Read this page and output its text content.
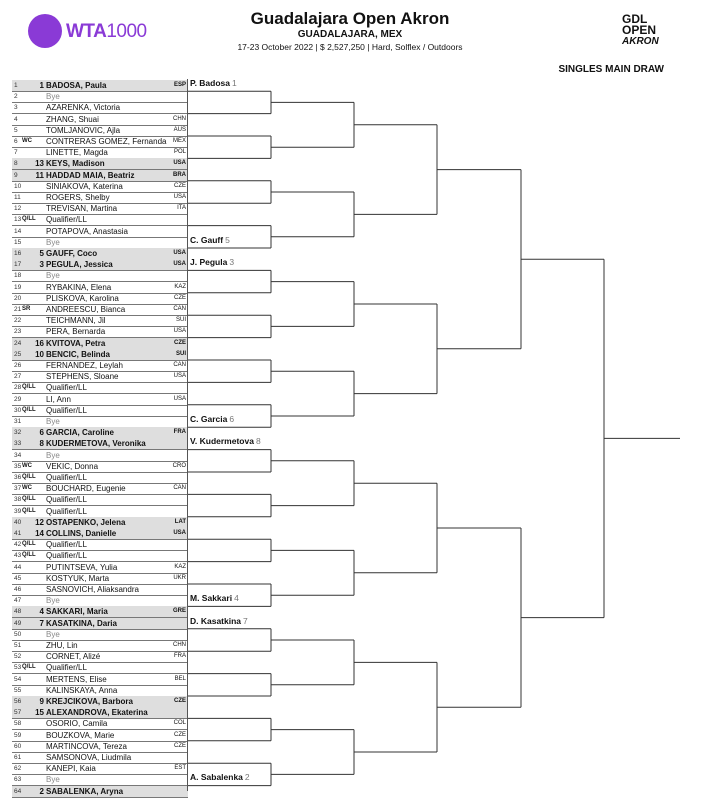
WTA1000
Guadalajara Open Akron
GUADALAJARA, MEX
17-23 October 2022 | $ 2,527,250 | Hard, Solflex / Outdoors
GDL
OPEN
AKRON
SINGLES MAIN DRAW
1	1 BADOSA, Paula	ESP
2	Bye
3	AZARENKA, Victoria
4	ZHANG, Shuai	CHN
5	TOMLJANOVIC, Ajla	AUS
6 WC CONTRERAS GOMEZ, Fernanda MEX
7	LINETTE, Magda	POL
8	13 KEYS, Madison	USA
9	11 HADDAD MAIA, Beatriz	BRA
10	SINIAKOVA, Katerina	CZE
11	ROGERS, Shelby	USA
12	TREVISAN, Martina	ITA
13 Q/LL Qualifier/LL
14	POTAPOVA, Anastasia
15	Bye
16	5 GAUFF, Coco	USA
17	3 PEGULA, Jessica	USA
18	Bye
19	RYBAKINA, Elena	KAZ
20	PLISKOVA, Karolina	CZE
21 SR ANDREESCU, Bianca	CAN
22	TEICHMANN, Jil	SUI
23	PERA, Bernarda	USA
24	16 KVITOVA, Petra	CZE
25	10 BENCIC, Belinda	SUI
26	FERNANDEZ, Leylah	CAN
27	STEPHENS, Sloane	USA
28 Q/LL Qualifier/LL
29	LI, Ann	USA
30 Q/LL Qualifier/LL
31	Bye
32	6 GARCIA, Caroline	FRA
33	8 KUDERMETOVA, Veronika
34	Bye
35 WC VEKIC, Donna	CRO
36 Q/LL Qualifier/LL
37 WC BOUCHARD, Eugenie	CAN
38 Q/LL Qualifier/LL
39 Q/LL Qualifier/LL
40	12 OSTAPENKO, Jelena	LAT
41	14 COLLINS, Danielle	USA
42 Q/LL Qualifier/LL
43 Q/LL Qualifier/LL
44	PUTINTSEVA, Yulia	KAZ
45	KOSTYUK, Marta	UKR
46	SASNOVICH, Aliaksandra
47	Bye
48	4 SAKKARI, Maria	GRE
49	7 KASATKINA, Daria
50	Bye
51	ZHU, Lin	CHN
52	CORNET, Alizé	FRA
53 Q/LL Qualifier/LL
54	MERTENS, Elise	BEL
55	KALINSKAYA, Anna
56	9 KREJCIKOVA, Barbora	CZE
57	15 ALEXANDROVA, Ekaterina
58	OSORIO, Camila	COL
59	BOUZKOVA, Marie	CZE
60	MARTINCOVA, Tereza	CZE
61	SAMSONOVA, Liudmila
62	KANEPI, Kaia	EST
63	Bye
64	2 SABALENKA, Aryna
P. Badosa 1
C. Gauff 5
J. Pegula 3
C. Garcia 6
V. Kudermetova 8
M. Sakkari 4
D. Kasatkina 7
A. Sabalenka 2
